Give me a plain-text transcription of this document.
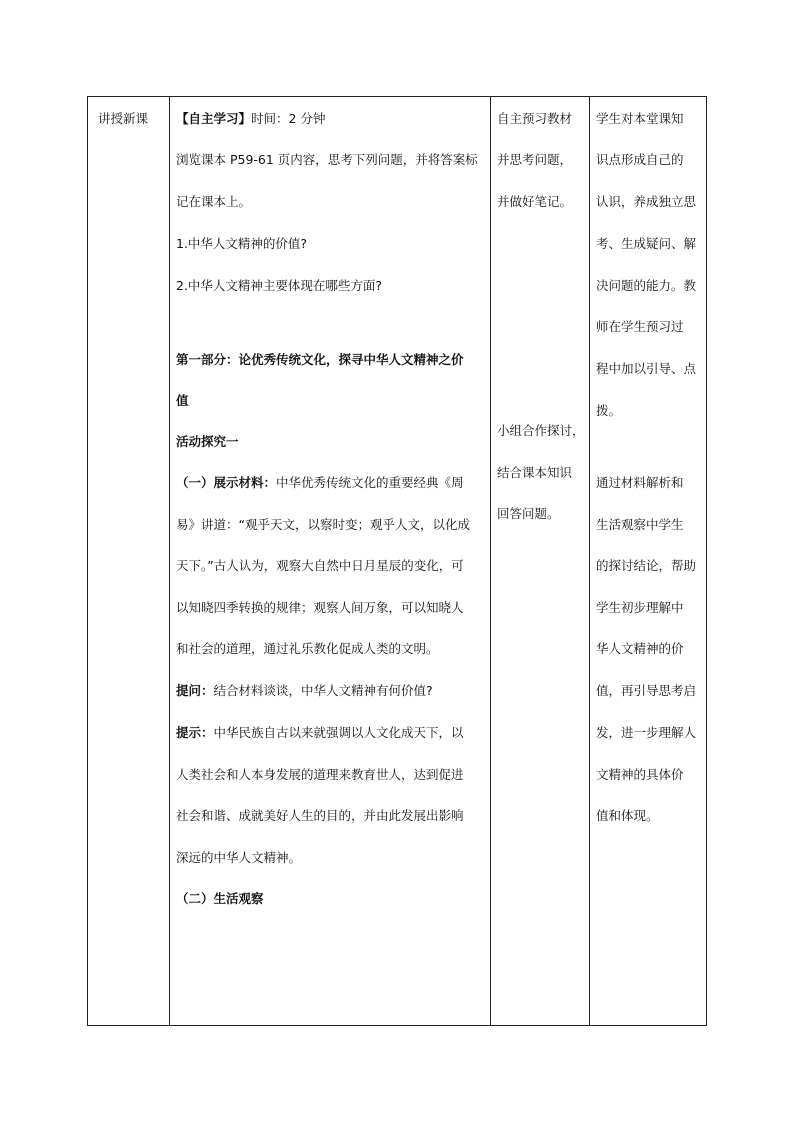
讲授新课 【自主学习】时间：2 分钟
浏览课本 P59-61 页内容，思考下列问题，并将答案标
记在课本上。
1.中华人文精神的价值?
2.中华人文精神主要体现在哪些方面?
第一部分：论优秀传统文化，探寻中华人文精神之价
值
活动探究一
（一）展示材料：中华优秀传统文化的重要经典《周
易》讲道：“观乎天文，以察时变；观乎人文，以化成
天下。”古人认为，观察大自然中日月星辰的变化，可
以知晓四季转换的规律；观察人间万象，可以知晓人
和社会的道理，通过礼乐教化促成人类的文明。
提问：结合材料谈谈，中华人文精神有何价值?
提示：中华民族自古以来就强调以人文化成天下，以
人类社会和人本身发展的道理来教育世人，达到促进
社会和谐、成就美好人生的目的，并由此发展出影响
深远的中华人文精神。
（二）生活观察
自主预习教材
并思考问题，
并做好笔记。
小组合作探讨，
结合课本知识
回答问题。
学生对本堂课知
识点形成自己的
认识，养成独立思
考、生成疑问、解
决问题的能力。教
师在学生预习过
程中加以引导、点
拨。
通过材料解析和
生活观察中学生
的探讨结论，帮助
学生初步理解中
华人文精神的价
值，再引导思考启
发，进一步理解人
文精神的具体价
值和体现。
